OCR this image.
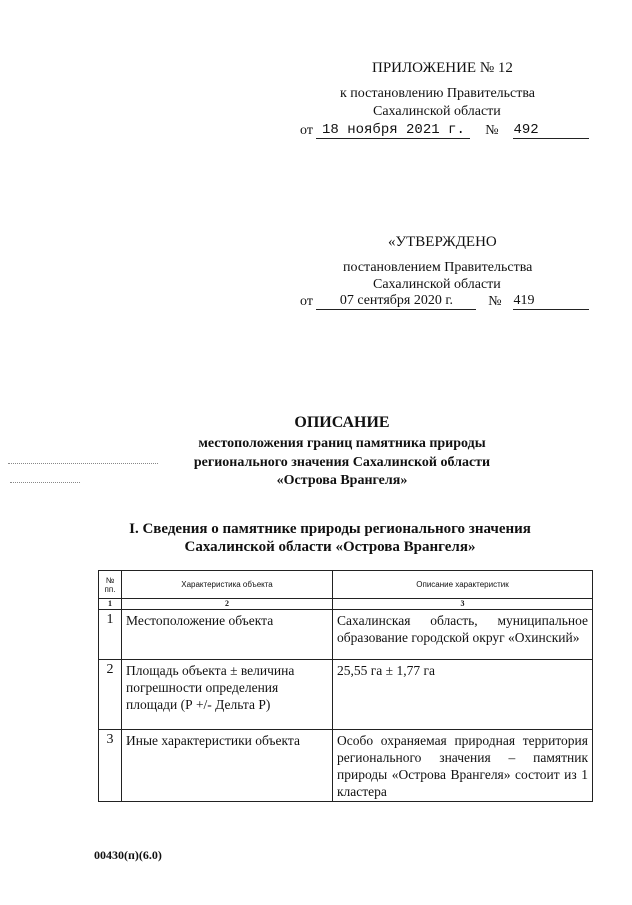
ПРИЛОЖЕНИЕ № 12
к постановлению Правительства
Сахалинской области
от 18 ноября 2021 г. № 492
«УТВЕРЖДЕНО
постановлением Правительства
Сахалинской области
от 07 сентября 2020 г.	№ 419
ОПИСАНИЕ
местоположения границ памятника природы
регионального значения Сахалинской области
«Острова Врангеля»
I. Сведения о памятнике природы регионального значения
Сахалинской области «Острова Врангеля»
№ пп.	Характеристика объекта	Описание характеристик
1	2	3
1	Местоположение объекта	Сахалинская область, муниципальное образование городской округ «Охинский»
2	Площадь объекта ± величина погрешности определения площади (Р +/- Дельта Р)	25,55 га ± 1,77 га
3	Иные характеристики объекта	Особо охраняемая природная территория регионального значения – памятник природы «Острова Врангеля» состоит из 1 кластера
00430(п)(6.0)
